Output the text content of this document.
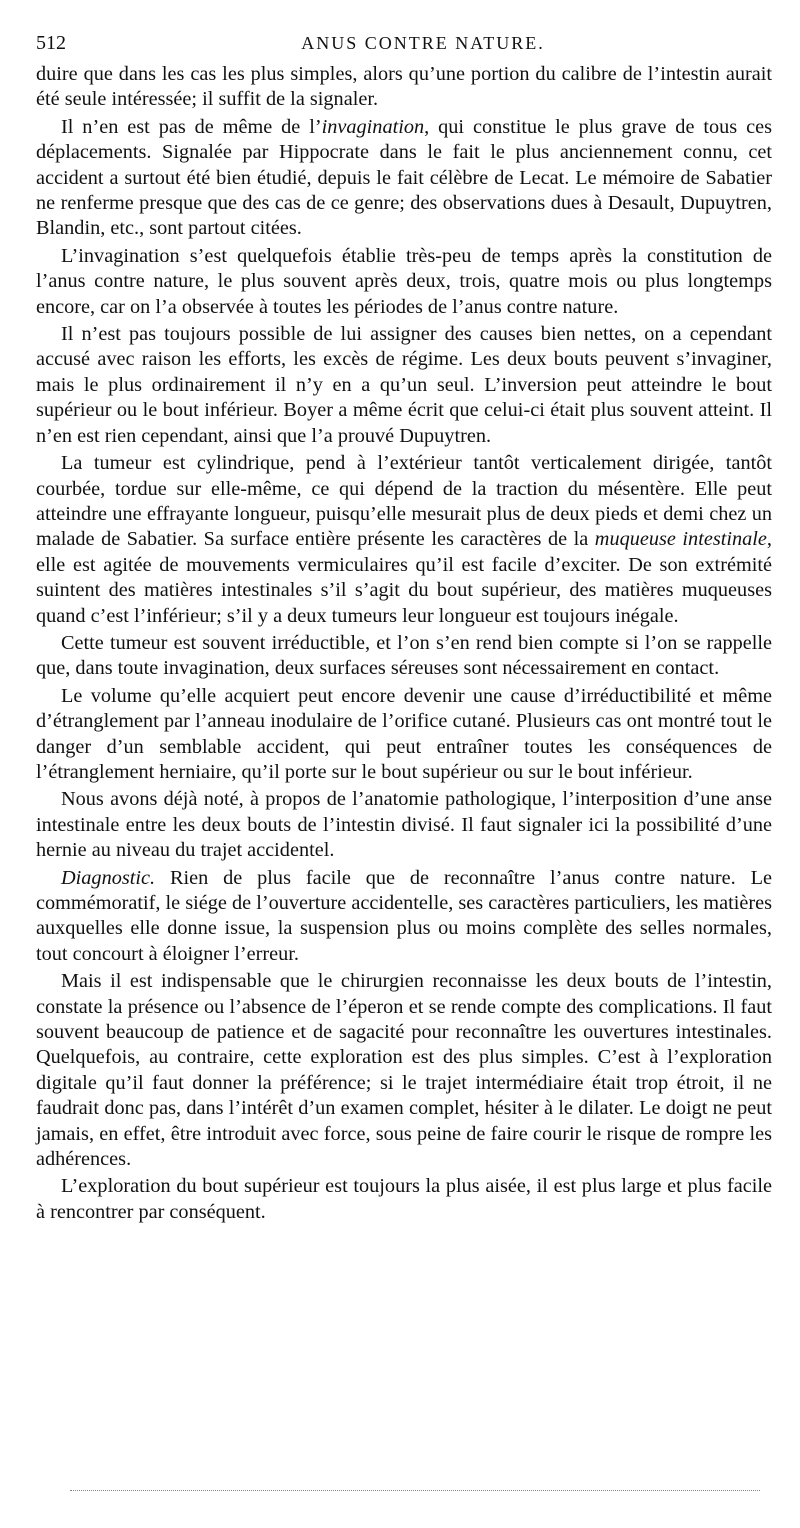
512	ANUS CONTRE NATURE.

duire que dans les cas les plus simples, alors qu’une portion du calibre de l’intestin aurait été seule intéressée; il suffit de la signaler.

Il n’en est pas de même de l’invagination, qui constitue le plus grave de tous ces déplacements. Signalée par Hippocrate dans le fait le plus anciennement connu, cet accident a surtout été bien étudié, depuis le fait célèbre de Lecat. Le mémoire de Sabatier ne renferme presque que des cas de ce genre; des observations dues à Desault, Dupuytren, Blandin, etc., sont partout citées.

L’invagination s’est quelquefois établie très-peu de temps après la constitution de l’anus contre nature, le plus souvent après deux, trois, quatre mois ou plus longtemps encore, car on l’a observée à toutes les périodes de l’anus contre nature.

Il n’est pas toujours possible de lui assigner des causes bien nettes, on a cependant accusé avec raison les efforts, les excès de régime. Les deux bouts peuvent s’invaginer, mais le plus ordinairement il n’y en a qu’un seul. L’inversion peut atteindre le bout supérieur ou le bout inférieur. Boyer a même écrit que celui-ci était plus souvent atteint. Il n’en est rien cependant, ainsi que l’a prouvé Dupuytren.

La tumeur est cylindrique, pend à l’extérieur tantôt verticalement dirigée, tantôt courbée, tordue sur elle-même, ce qui dépend de la traction du mésentère. Elle peut atteindre une effrayante longueur, puisqu’elle mesurait plus de deux pieds et demi chez un malade de Sabatier. Sa surface entière présente les caractères de la muqueuse intestinale, elle est agitée de mouvements vermiculaires qu’il est facile d’exciter. De son extrémité suintent des matières intestinales s’il s’agit du bout supérieur, des matières muqueuses quand c’est l’inférieur; s’il y a deux tumeurs leur longueur est toujours inégale.

Cette tumeur est souvent irréductible, et l’on s’en rend bien compte si l’on se rappelle que, dans toute invagination, deux surfaces séreuses sont nécessairement en contact.

Le volume qu’elle acquiert peut encore devenir une cause d’irréductibilité et même d’étranglement par l’anneau inodulaire de l’orifice cutané. Plusieurs cas ont montré tout le danger d’un semblable accident, qui peut entraîner toutes les conséquences de l’étranglement herniaire, qu’il porte sur le bout supérieur ou sur le bout inférieur.

Nous avons déjà noté, à propos de l’anatomie pathologique, l’interposition d’une anse intestinale entre les deux bouts de l’intestin divisé. Il faut signaler ici la possibilité d’une hernie au niveau du trajet accidentel.

Diagnostic. Rien de plus facile que de reconnaître l’anus contre nature. Le commémoratif, le siége de l’ouverture accidentelle, ses caractères particuliers, les matières auxquelles elle donne issue, la suspension plus ou moins complète des selles normales, tout concourt à éloigner l’erreur.

Mais il est indispensable que le chirurgien reconnaisse les deux bouts de l’intestin, constate la présence ou l’absence de l’éperon et se rende compte des complications. Il faut souvent beaucoup de patience et de sagacité pour reconnaître les ouvertures intestinales. Quelquefois, au contraire, cette exploration est des plus simples. C’est à l’exploration digitale qu’il faut donner la préférence; si le trajet intermédiaire était trop étroit, il ne faudrait donc pas, dans l’intérêt d’un examen complet, hésiter à le dilater. Le doigt ne peut jamais, en effet, être introduit avec force, sous peine de faire courir le risque de rompre les adhérences.

L’exploration du bout supérieur est toujours la plus aisée, il est plus large et plus facile à rencontrer par conséquent.
